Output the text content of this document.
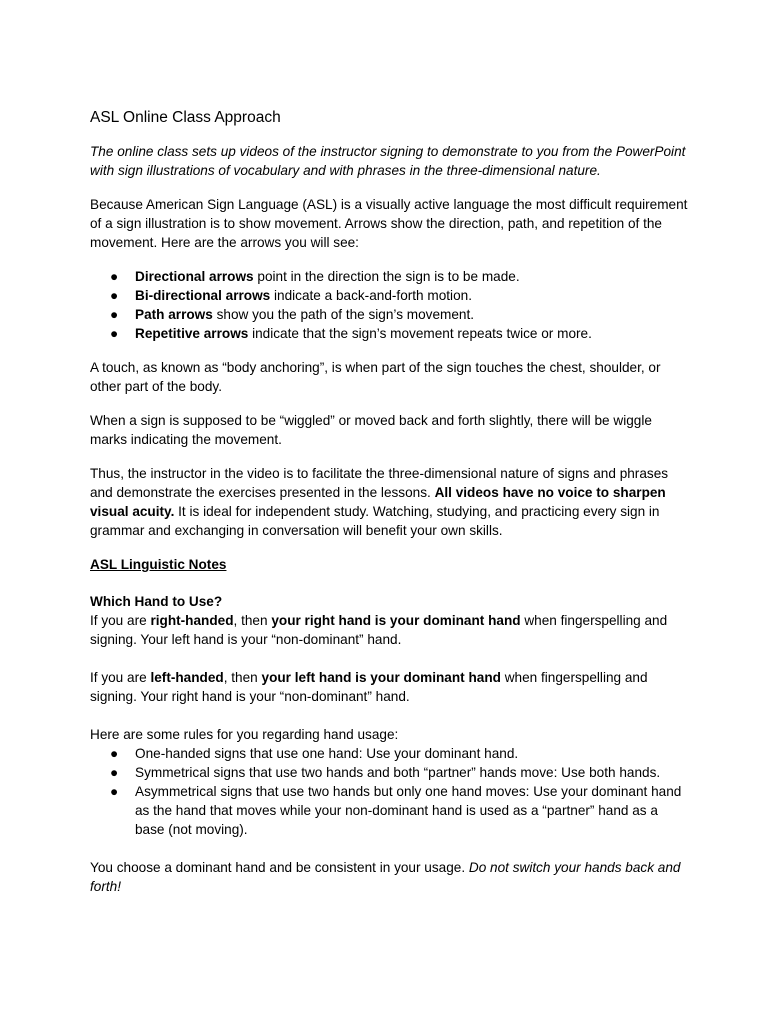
ASL Online Class Approach

The online class sets up videos of the instructor signing to demonstrate to you from the PowerPoint with sign illustrations of vocabulary and with phrases in the three-dimensional nature.

Because American Sign Language (ASL) is a visually active language the most difficult requirement of a sign illustration is to show movement. Arrows show the direction, path, and repetition of the movement. Here are the arrows you will see:

● Directional arrows point in the direction the sign is to be made.
● Bi-directional arrows indicate a back-and-forth motion.
● Path arrows show you the path of the sign’s movement.
● Repetitive arrows indicate that the sign’s movement repeats twice or more.

A touch, as known as “body anchoring”, is when part of the sign touches the chest, shoulder, or other part of the body.

When a sign is supposed to be “wiggled” or moved back and forth slightly, there will be wiggle marks indicating the movement.

Thus, the instructor in the video is to facilitate the three-dimensional nature of signs and phrases and demonstrate the exercises presented in the lessons. All videos have no voice to sharpen visual acuity. It is ideal for independent study. Watching, studying, and practicing every sign in grammar and exchanging in conversation will benefit your own skills.

ASL Linguistic Notes

Which Hand to Use?

If you are right-handed, then your right hand is your dominant hand when fingerspelling and signing. Your left hand is your “non-dominant” hand.

If you are left-handed, then your left hand is your dominant hand when fingerspelling and signing. Your right hand is your “non-dominant” hand.

Here are some rules for you regarding hand usage:

● One-handed signs that use one hand: Use your dominant hand.
● Symmetrical signs that use two hands and both “partner” hands move: Use both hands.
● Asymmetrical signs that use two hands but only one hand moves: Use your dominant hand as the hand that moves while your non-dominant hand is used as a “partner” hand as a base (not moving).

You choose a dominant hand and be consistent in your usage. Do not switch your hands back and forth!
